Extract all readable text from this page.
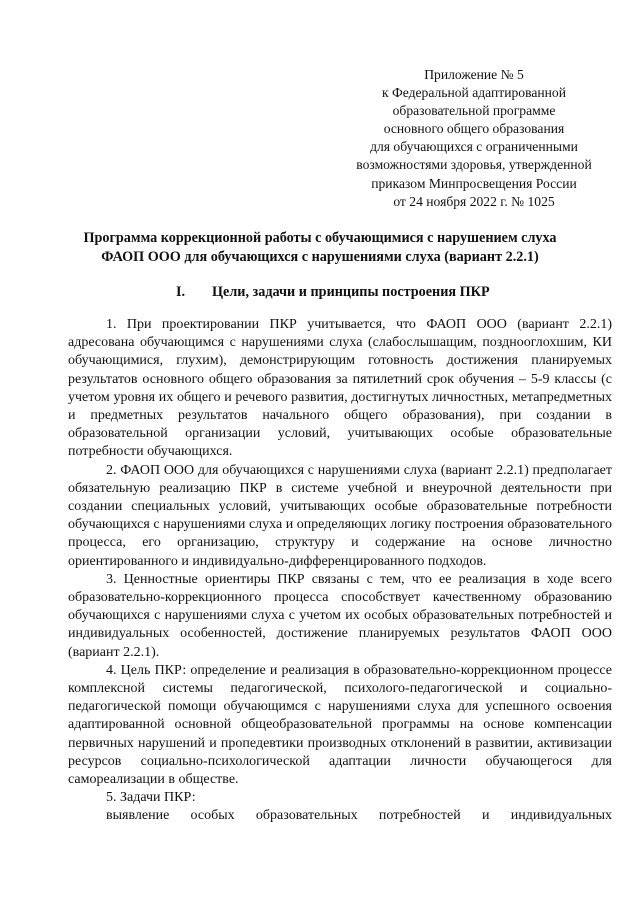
Приложение № 5
к Федеральной адаптированной
образовательной программе
основного общего образования
для обучающихся с ограниченными
возможностями здоровья, утвержденной
приказом Минпросвещения России
от 24 ноября 2022 г. № 1025
Программа коррекционной работы с обучающимися с нарушением слуха
ФАОП ООО для обучающихся с нарушениями слуха (вариант 2.2.1)
I. Цели, задачи и принципы построения ПКР

1. При проектировании ПКР учитывается, что ФАОП ООО (вариант 2.2.1) адресована обучающимся с нарушениями слуха (слабослышащим, позднооглохшим, КИ обучающимися, глухим), демонстрирующим готовность достижения планируемых результатов основного общего образования за пятилетний срок обучения – 5-9 классы (с учетом уровня их общего и речевого развития, достигнутых личностных, метапредметных и предметных результатов начального общего образования), при создании в образовательной организации условий, учитывающих особые образовательные потребности обучающихся.

2. ФАОП ООО для обучающихся с нарушениями слуха (вариант 2.2.1) предполагает обязательную реализацию ПКР в системе учебной и внеурочной деятельности при создании специальных условий, учитывающих особые образовательные потребности обучающихся с нарушениями слуха и определяющих логику построения образовательного процесса, его организацию, структуру и содержание на основе личностно ориентированного и индивидуально-дифференцированного подходов.

3. Ценностные ориентиры ПКР связаны с тем, что ее реализация в ходе всего образовательно-коррекционного процесса способствует качественному образованию обучающихся с нарушениями слуха с учетом их особых образовательных потребностей и индивидуальных особенностей, достижение планируемых результатов ФАОП ООО (вариант 2.2.1).

4. Цель ПКР: определение и реализация в образовательно-коррекционном процессе комплексной системы педагогической, психолого-педагогической и социально-педагогической помощи обучающимся с нарушениями слуха для успешного освоения адаптированной основной общеобразовательной программы на основе компенсации первичных нарушений и пропедевтики производных отклонений в развитии, активизации ресурсов социально-психологической адаптации личности обучающегося для самореализации в обществе.

5. Задачи ПКР:

выявление особых образовательных потребностей и индивидуальных
